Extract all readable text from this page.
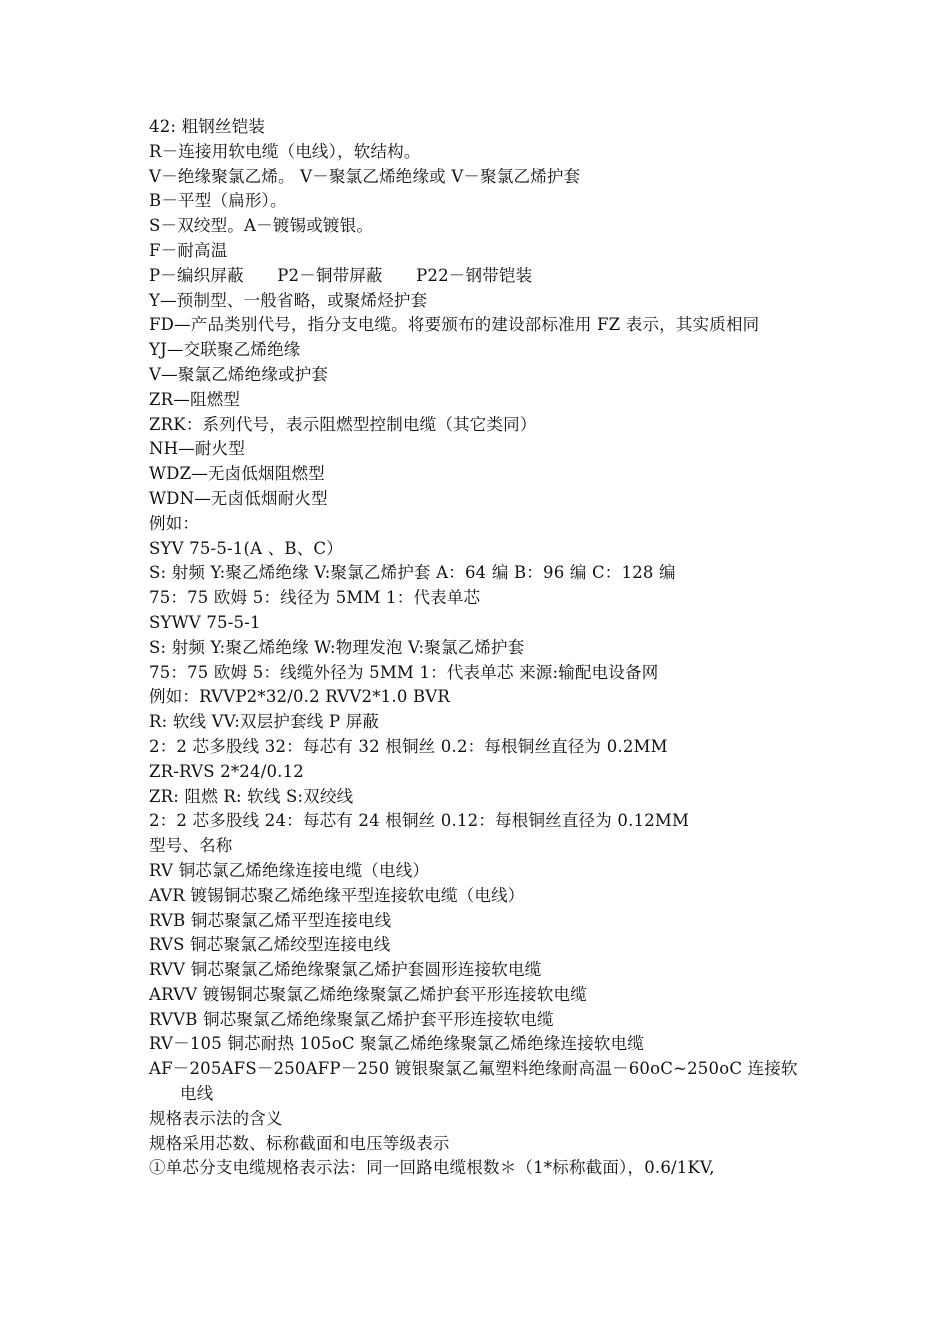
42: 粗钢丝铠装
R－连接用软电缆（电线），软结构。
V－绝缘聚氯乙烯。 V－聚氯乙烯绝缘或 V－聚氯乙烯护套
B－平型（扁形）。
S－双绞型。A－镀锡或镀银。
F－耐高温
P－编织屏蔽　　P2－铜带屏蔽　　P22－钢带铠装
Y—预制型、一般省略，或聚烯烃护套
FD—产品类别代号，指分支电缆。将要颁布的建设部标准用 FZ 表示，其实质相同
YJ—交联聚乙烯绝缘
V—聚氯乙烯绝缘或护套
ZR—阻燃型
ZRK：系列代号，表示阻燃型控制电缆（其它类同）
NH—耐火型
WDZ—无卤低烟阻燃型
WDN—无卤低烟耐火型
例如：
SYV 75-5-1(A 、B、C）
S: 射频 Y:聚乙烯绝缘 V:聚氯乙烯护套 A：64 编 B：96 编 C：128 编
75：75 欧姆 5：线径为 5MM 1：代表单芯
SYWV 75-5-1
S: 射频 Y:聚乙烯绝缘 W:物理发泡 V:聚氯乙烯护套
75：75 欧姆 5：线缆外径为 5MM 1：代表单芯 来源:输配电设备网
例如：RVVP2*32/0.2 RVV2*1.0 BVR
R: 软线 VV:双层护套线 P 屏蔽
2：2 芯多股线 32：每芯有 32 根铜丝 0.2：每根铜丝直径为 0.2MM
ZR-RVS 2*24/0.12
ZR: 阻燃 R: 软线 S:双绞线
2：2 芯多股线 24：每芯有 24 根铜丝 0.12：每根铜丝直径为 0.12MM
型号、名称
RV 铜芯氯乙烯绝缘连接电缆（电线）
AVR 镀锡铜芯聚乙烯绝缘平型连接软电缆（电线）
RVB 铜芯聚氯乙烯平型连接电线
RVS 铜芯聚氯乙烯绞型连接电线
RVV 铜芯聚氯乙烯绝缘聚氯乙烯护套圆形连接软电缆
ARVV 镀锡铜芯聚氯乙烯绝缘聚氯乙烯护套平形连接软电缆
RVVB 铜芯聚氯乙烯绝缘聚氯乙烯护套平形连接软电缆
RV－105 铜芯耐热 105oC 聚氯乙烯绝缘聚氯乙烯绝缘连接软电缆
AF－205AFS－250AFP－250 镀银聚氯乙氟塑料绝缘耐高温－60oC~250oC 连接软电线
规格表示法的含义
规格采用芯数、标称截面和电压等级表示
①单芯分支电缆规格表示法：同一回路电缆根数＊（1*标称截面），0.6/1KV,
